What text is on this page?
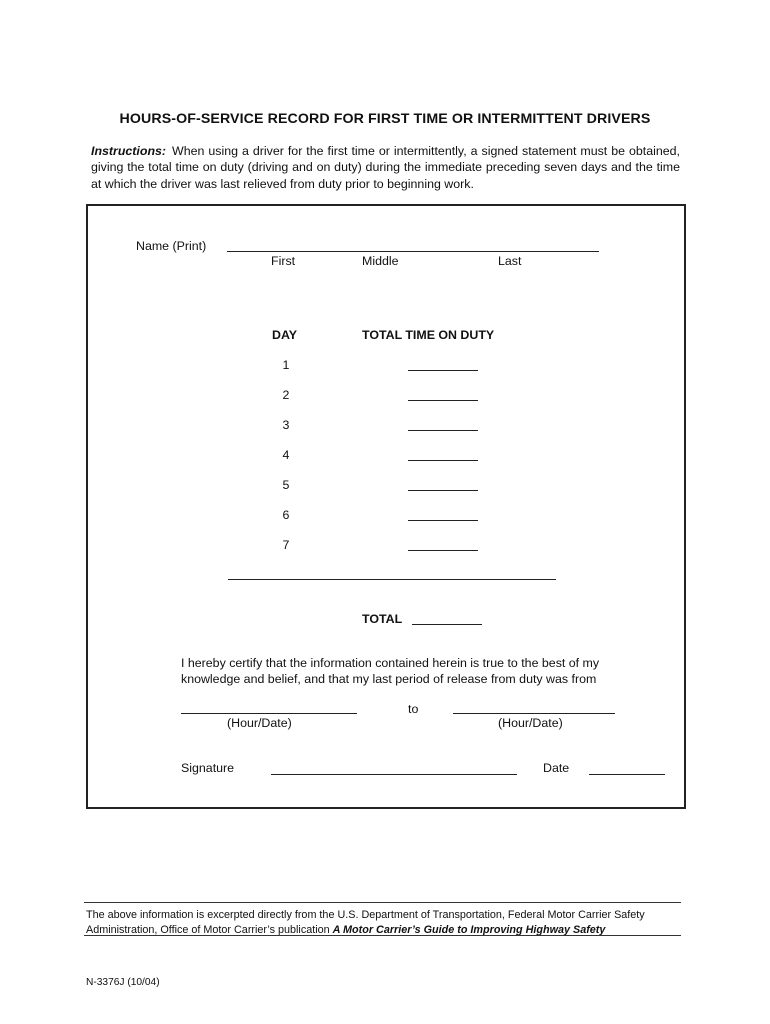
HOURS-OF-SERVICE RECORD FOR FIRST TIME OR INTERMITTENT DRIVERS
Instructions: When using a driver for the first time or intermittently, a signed statement must be obtained, giving the total time on duty (driving and on duty) during the immediate preceding seven days and the time at which the driver was last relieved from duty prior to beginning work.
Name (Print)
First	Middle	Last
DAY	TOTAL TIME ON DUTY
1
2
3
4
5
6
7
TOTAL
I hereby certify that the information contained herein is true to the best of my
knowledge and belief, and that my last period of release from duty was from
to
(Hour/Date)	(Hour/Date)
Signature	Date
The above information is excerpted directly from the U.S. Department of Transportation, Federal Motor Carrier Safety
Administration, Office of Motor Carrier’s publication A Motor Carrier’s Guide to Improving Highway Safety
N-3376J (10/04)
